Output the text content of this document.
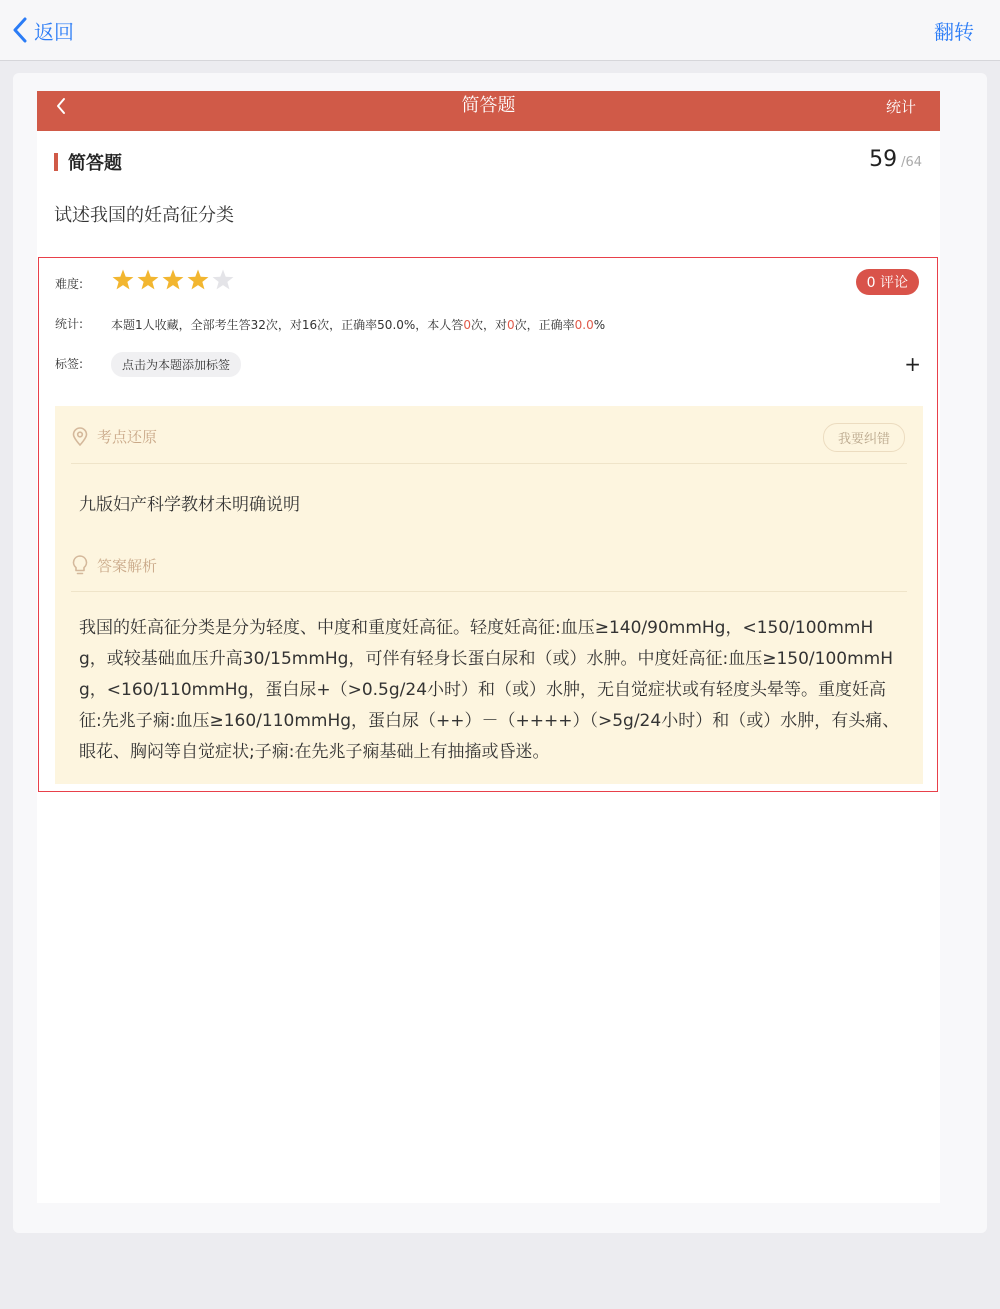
返回	翻转
简答题	统计
简答题	59 /64
试述我国的妊高征分类
难度:	0 评论
统计: 本题1人收藏，全部考生答32次，对16次，正确率50.0%，本人答0次，对0次，正确率0.0%
标签:	点击为本题添加标签	+
考点还原	我要纠错
九版妇产科学教材未明确说明
答案解析
我国的妊高征分类是分为轻度、中度和重度妊高征。轻度妊高征:血压≥140/90mmHg，<150/100mmHg，或较基础血压升高30/15mmHg，可伴有轻身长蛋白尿和（或）水肿。中度妊高征:血压≥150/100mmHg，<160/110mmHg，蛋白尿+（>0.5g/24小时）和（或）水肿，无自觉症状或有轻度头晕等。重度妊高征:先兆子痫:血压≥160/110mmHg，蛋白尿（++）－（++++）（>5g/24小时）和（或）水肿，有头痛、眼花、胸闷等自觉症状;子痫:在先兆子痫基础上有抽搐或昏迷。
